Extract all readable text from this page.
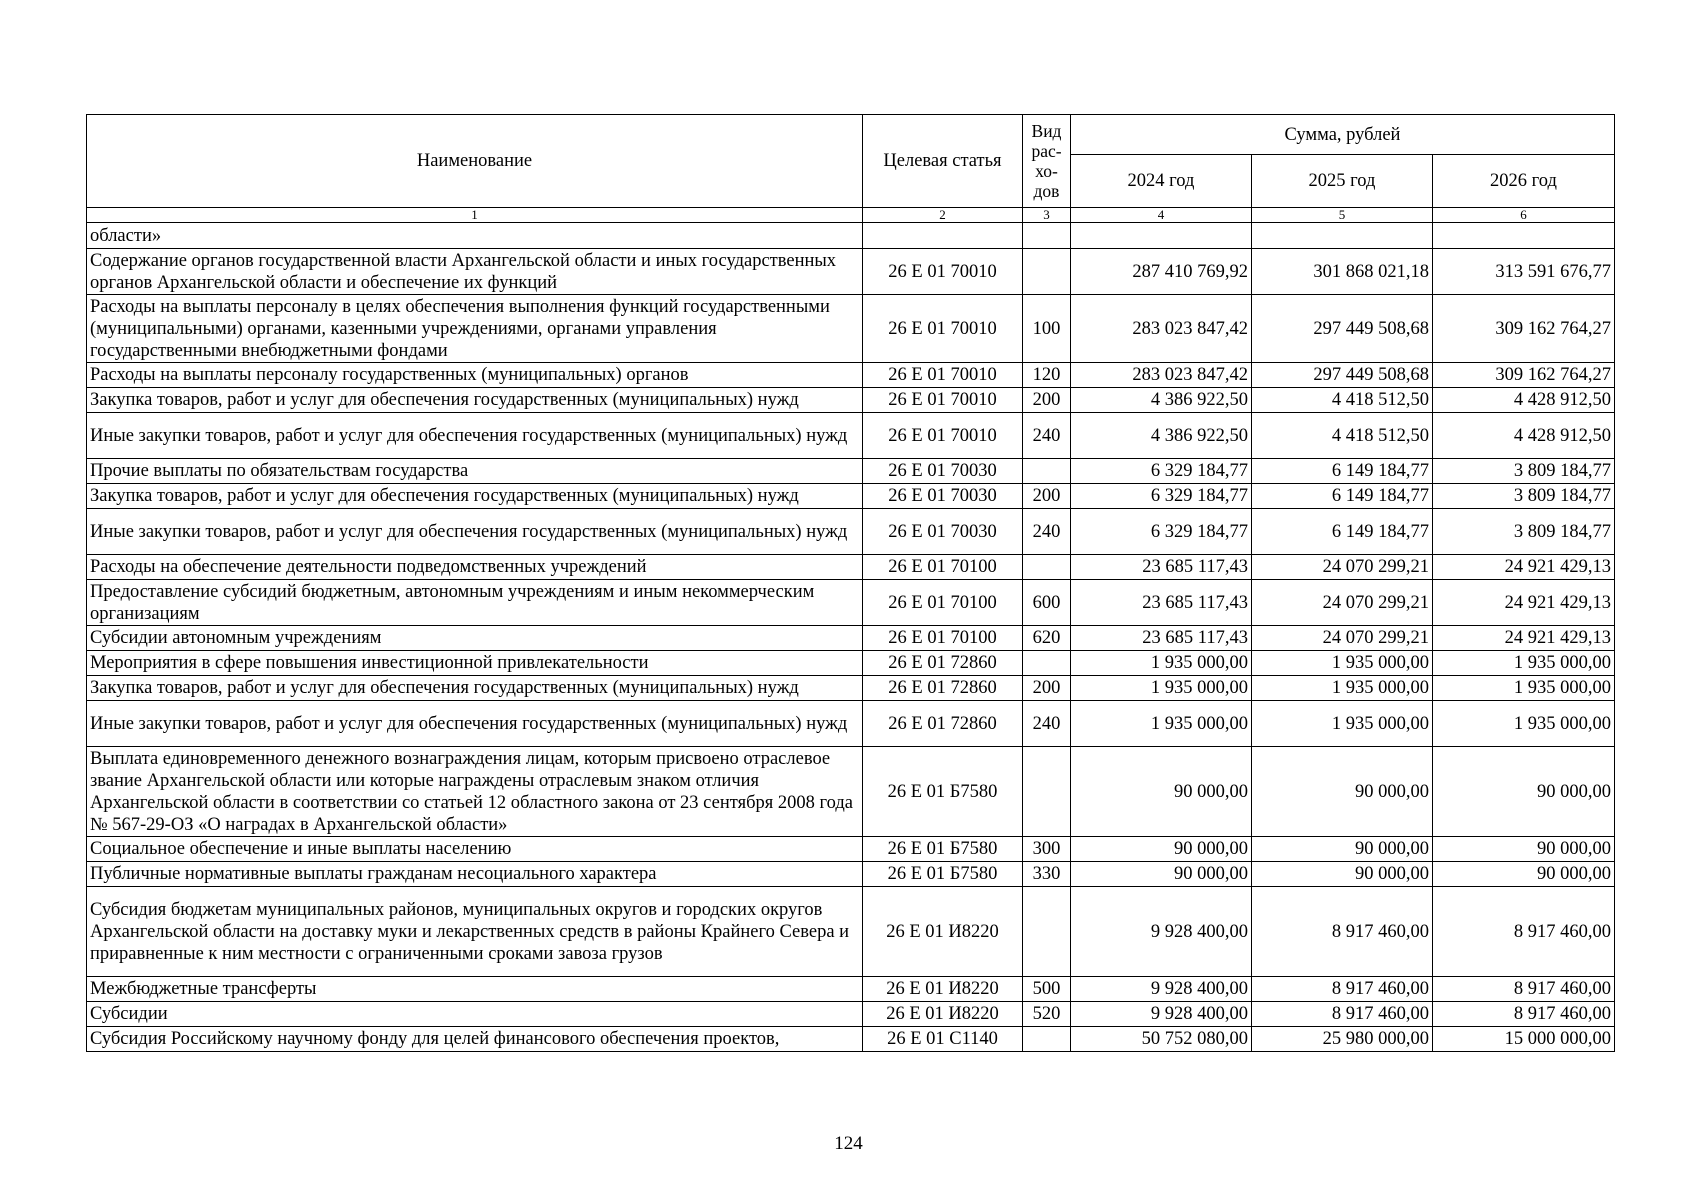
Наименование	Целевая статья	Вид рас-хо-дов	Сумма, рублей		
			2024 год	2025 год	2026 год
1	2	3	4	5	6
области»					
Содержание органов государственной власти Архангельской области и иных государственных органов Архангельской области и обеспечение их функций	26 Е 01 70010		287 410 769,92	301 868 021,18	313 591 676,77
Расходы на выплаты персоналу в целях обеспечения выполнения функций государственными (муниципальными) органами, казенными учреждениями, органами управления государственными внебюджетными фондами	26 Е 01 70010	100	283 023 847,42	297 449 508,68	309 162 764,27
Расходы на выплаты персоналу государственных (муниципальных) органов	26 Е 01 70010	120	283 023 847,42	297 449 508,68	309 162 764,27
Закупка товаров, работ и услуг для обеспечения государственных (муниципальных) нужд	26 Е 01 70010	200	4 386 922,50	4 418 512,50	4 428 912,50
Иные закупки товаров, работ и услуг для обеспечения государственных (муниципальных) нужд	26 Е 01 70010	240	4 386 922,50	4 418 512,50	4 428 912,50
Прочие выплаты по обязательствам государства	26 Е 01 70030		6 329 184,77	6 149 184,77	3 809 184,77
Закупка товаров, работ и услуг для обеспечения государственных (муниципальных) нужд	26 Е 01 70030	200	6 329 184,77	6 149 184,77	3 809 184,77
Иные закупки товаров, работ и услуг для обеспечения государственных (муниципальных) нужд	26 Е 01 70030	240	6 329 184,77	6 149 184,77	3 809 184,77
Расходы на обеспечение деятельности подведомственных учреждений	26 Е 01 70100		23 685 117,43	24 070 299,21	24 921 429,13
Предоставление субсидий бюджетным, автономным учреждениям и иным некоммерческим организациям	26 Е 01 70100	600	23 685 117,43	24 070 299,21	24 921 429,13
Субсидии автономным учреждениям	26 Е 01 70100	620	23 685 117,43	24 070 299,21	24 921 429,13
Мероприятия в сфере повышения инвестиционной привлекательности	26 Е 01 72860		1 935 000,00	1 935 000,00	1 935 000,00
Закупка товаров, работ и услуг для обеспечения государственных (муниципальных) нужд	26 Е 01 72860	200	1 935 000,00	1 935 000,00	1 935 000,00
Иные закупки товаров, работ и услуг для обеспечения государственных (муниципальных) нужд	26 Е 01 72860	240	1 935 000,00	1 935 000,00	1 935 000,00
Выплата единовременного денежного вознаграждения лицам, которым присвоено отраслевое звание Архангельской области или которые награждены отраслевым знаком отличия Архангельской области в соответствии со статьей 12 областного закона от 23 сентября 2008 года № 567-29-ОЗ «О наградах в Архангельской области»	26 Е 01 Б7580		90 000,00	90 000,00	90 000,00
Социальное обеспечение и иные выплаты населению	26 Е 01 Б7580	300	90 000,00	90 000,00	90 000,00
Публичные нормативные выплаты гражданам несоциального характера	26 Е 01 Б7580	330	90 000,00	90 000,00	90 000,00
Субсидия бюджетам муниципальных районов, муниципальных округов и городских округов Архангельской области на доставку муки и лекарственных средств в районы Крайнего Севера и приравненные к ним местности с ограниченными сроками завоза грузов	26 Е 01 И8220		9 928 400,00	8 917 460,00	8 917 460,00
Межбюджетные трансферты	26 Е 01 И8220	500	9 928 400,00	8 917 460,00	8 917 460,00
Субсидии	26 Е 01 И8220	520	9 928 400,00	8 917 460,00	8 917 460,00
Субсидия Российскому научному фонду для целей финансового обеспечения проектов,	26 Е 01 С1140		50 752 080,00	25 980 000,00	15 000 000,00
124
